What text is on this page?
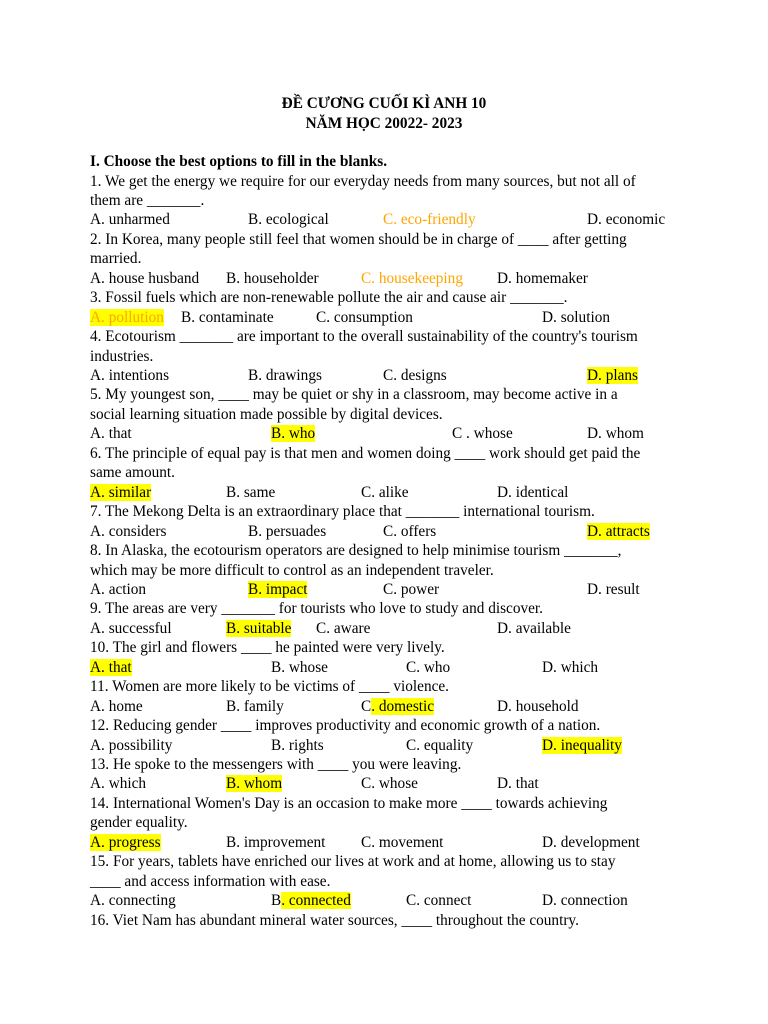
ĐỀ CƯƠNG CUỐI KÌ ANH 10
NĂM HỌC 20022- 2023
I. Choose the best options to fill in the blanks.
1. We get the energy we require for our everyday needs from many sources, but not all of
them are _______.
A. unharmed	B. ecological	C. eco-friendly	D. economic
2. In Korea, many people still feel that women should be in charge of ____ after getting
married.
A. house husband B. householder	C. housekeeping D. homemaker
3. Fossil fuels which are non-renewable pollute the air and cause air _______.
A. pollution B. contaminate	C. consumption	D. solution
4. Ecotourism _______ are important to the overall sustainability of the country's tourism
industries.
A. intentions	B. drawings	C. designs	D. plans
5. My youngest son, ____ may be quiet or shy in a classroom, may become active in a
social learning situation made possible by digital devices.
A. that	B. who	C . whose	D. whom
6. The principle of equal pay is that men and women doing ____ work should get paid the
same amount.
A. similar	B. same	C. alike	D. identical
7. The Mekong Delta is an extraordinary place that _______ international tourism.
A. considers	B. persuades	C. offers	D. attracts
8. In Alaska, the ecotourism operators are designed to help minimise tourism _______,
which may be more difficult to control as an independent traveler.
A. action	B. impact	C. power	D. result
9. The areas are very _______ for tourists who love to study and discover.
A. successful	B. suitable C. aware	D. available
10. The girl and flowers ____ he painted were very lively.
A. that	B. whose	C. who	D. which
11. Women are more likely to be victims of ____ violence.
A. home	B. family	C. domestic	D. household
12. Reducing gender ____ improves productivity and economic growth of a nation.
A. possibility	B. rights	C. equality	D. inequality
13. He spoke to the messengers with ____ you were leaving.
A. which	B. whom	C. whose	D. that
14. International Women's Day is an occasion to make more ____ towards achieving
gender equality.
A. progress	B. improvement C. movement	D. development
15. For years, tablets have enriched our lives at work and at home, allowing us to stay
____ and access information with ease.
A. connecting	B. connected	C. connect	D. connection
16. Viet Nam has abundant mineral water sources, ____ throughout the country.
